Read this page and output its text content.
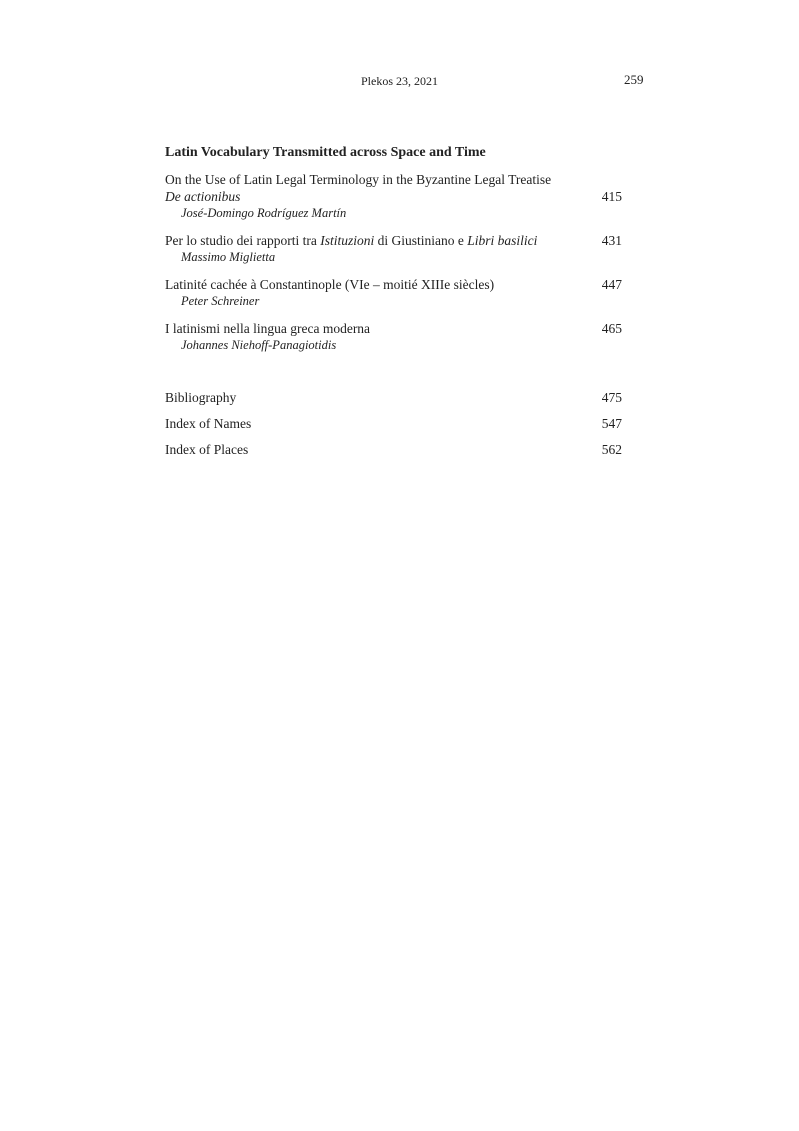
Plekos 23, 2021	259
Latin Vocabulary Transmitted across Space and Time
On the Use of Latin Legal Terminology in the Byzantine Legal Treatise
De actionibus	415
José-Domingo Rodríguez Martín
Per lo studio dei rapporti tra Istituzioni di Giustiniano e Libri basilici	431
Massimo Miglietta
Latinité cachée à Constantinople (VIe – moitié XIIIe siècles)	447
Peter Schreiner
I latinismi nella lingua greca moderna	465
Johannes Niehoff-Panagiotidis
Bibliography	475
Index of Names	547
Index of Places	562
